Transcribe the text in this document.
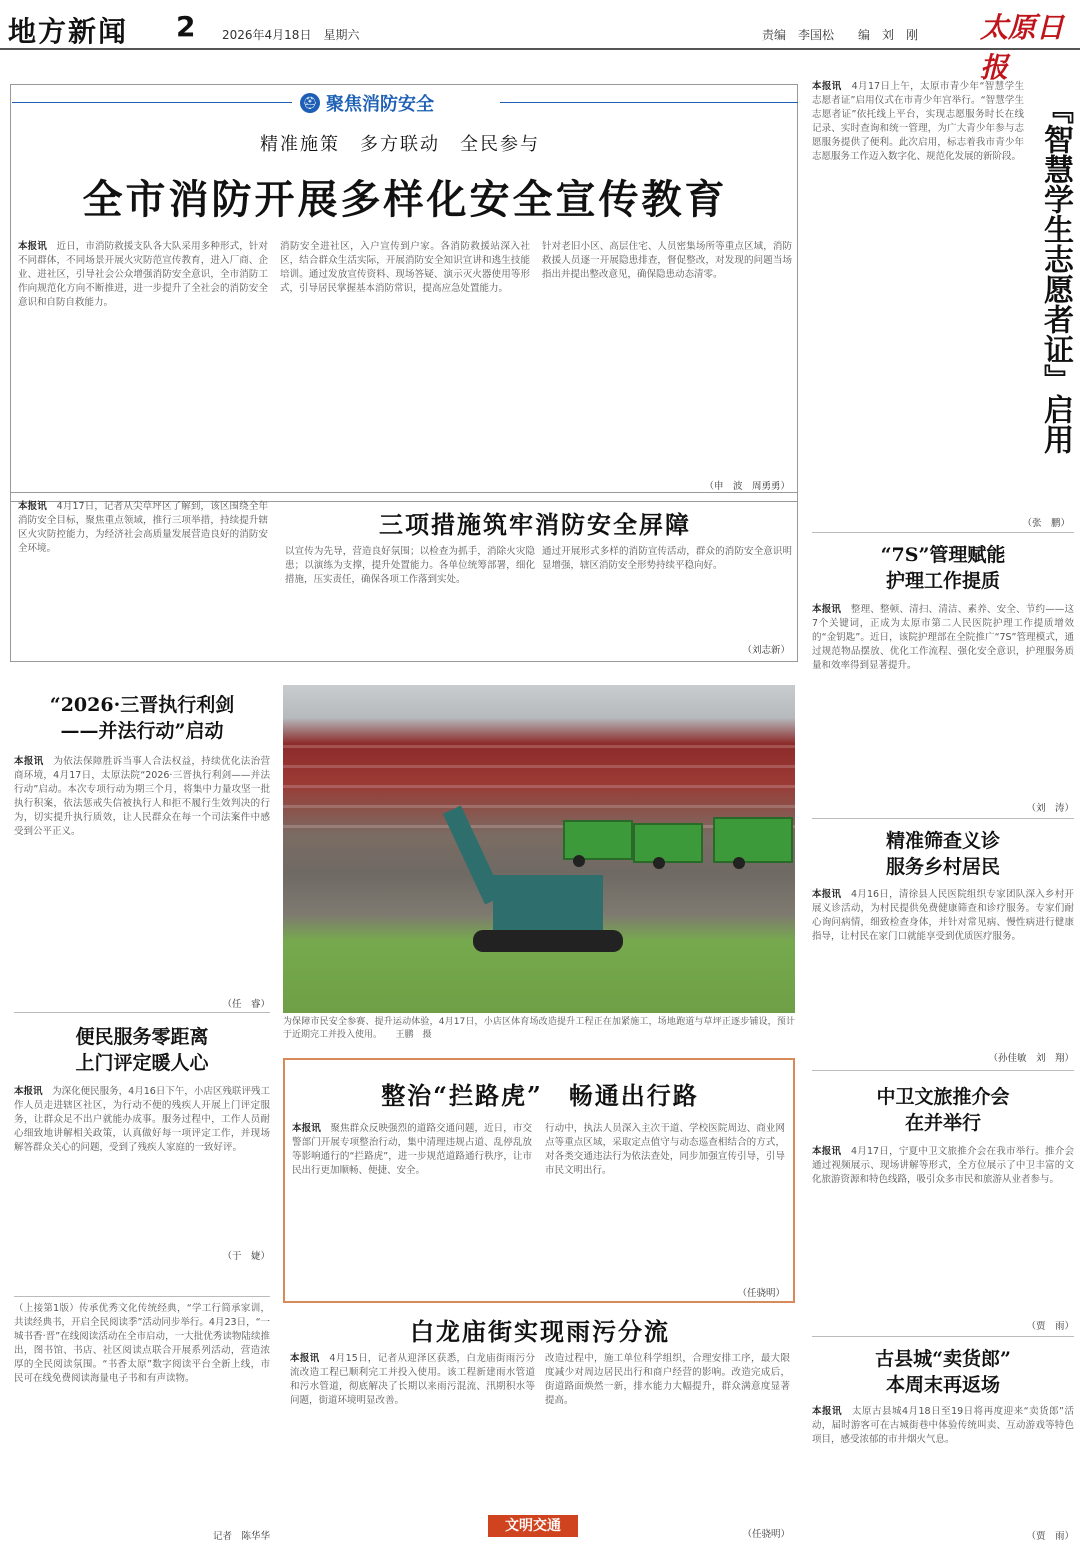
地方新闻 2 2026年4月18日　星期六	责编　李国松　　编　刘　刚 太原日报
⛑ 聚焦消防安全
精准施策　多方联动　全民参与
全市消防开展多样化安全宣传教育
本报讯　 近日，市消防救援支队各大队采用多种形式，针对不同群体，不同场景开展火灾防范宣传教育，进入厂商、企业、进社区，引导社会公众增强消防安全意识，全市消防工作向规范化方向不断推进，进一步提升了全社会的消防安全意识和自防自救能力。
消防安全进社区，入户宣传到户家。各消防救援站深入社区，结合群众生活实际，开展消防安全知识宣讲和逃生技能培训。通过发放宣传资料、现场答疑、演示灭火器使用等形式，引导居民掌握基本消防常识，提高应急处置能力。
针对老旧小区、高层住宅、人员密集场所等重点区域，消防救援人员逐一开展隐患排查，督促整改，对发现的问题当场指出并提出整改意见，确保隐患动态清零。
（申　波　周勇勇）
本报讯　 4月17日，记者从尖草坪区了解到，该区围绕全年消防安全目标，聚焦重点领域，推行三项举措，持续提升辖区火灾防控能力，为经济社会高质量发展营造良好的消防安全环境。
三项措施筑牢消防安全屏障
以宣传为先导，营造良好氛围；以检查为抓手，消除火灾隐患；以演练为支撑，提升处置能力。各单位统筹部署，细化措施，压实责任，确保各项工作落到实处。
通过开展形式多样的消防宣传活动，群众的消防安全意识明显增强，辖区消防安全形势持续平稳向好。
（刘志新）
“2026·三晋执行利剑
——并法行动”启动
本报讯　 为依法保障胜诉当事人合法权益，持续优化法治营商环境，4月17日，太原法院“2026·三晋执行利剑——并法行动”启动。本次专项行动为期三个月，将集中力量攻坚一批执行积案，依法惩戒失信被执行人和拒不履行生效判决的行为，切实提升执行质效，让人民群众在每一个司法案件中感受到公平正义。
（任　睿）
便民服务零距离
上门评定暖人心
本报讯　 为深化便民服务，4月16日下午，小店区残联评残工作人员走进辖区社区，为行动不便的残疾人开展上门评定服务，让群众足不出户就能办成事。服务过程中，工作人员耐心细致地讲解相关政策，认真做好每一项评定工作，并现场解答群众关心的问题，受到了残疾人家庭的一致好评。
（于　婕）
（上接第1版）传承优秀文化传统经典，“学工行简承家训，共读经典书，开启全民阅读季”活动同步举行。4月23日，“一城书香·晋”在线阅读活动在全市启动，一大批优秀读物陆续推出，图书馆、书店、社区阅读点联合开展系列活动，营造浓厚的全民阅读氛围。“书香太原”数字阅读平台全新上线，市民可在线免费阅读海量电子书和有声读物。
记者　陈华华
为保障市民安全参赛、提升运动体验，4月17日，小店区体育场改造提升工程正在加紧施工，场地跑道与草坪正逐步铺设，预计于近期完工并投入使用。　　王鹏　摄
整治“拦路虎”　畅通出行路
本报讯　 聚焦群众反映强烈的道路交通问题，近日，市交警部门开展专项整治行动，集中清理违规占道、乱停乱放等影响通行的“拦路虎”，进一步规范道路通行秩序，让市民出行更加顺畅、便捷、安全。
行动中，执法人员深入主次干道、学校医院周边、商业网点等重点区域，采取定点值守与动态巡查相结合的方式，对各类交通违法行为依法查处，同步加强宣传引导，引导市民文明出行。
（任骁明）
白龙庙街实现雨污分流
本报讯　 4月15日，记者从迎泽区获悉，白龙庙街雨污分流改造工程已顺利完工并投入使用。该工程新建雨水管道和污水管道，彻底解决了长期以来雨污混流、汛期积水等问题，街道环境明显改善。
改造过程中，施工单位科学组织，合理安排工序，最大限度减少对周边居民出行和商户经营的影响。改造完成后，街道路面焕然一新，排水能力大幅提升，群众满意度显著提高。
（任骁明）
文明交通
『智慧学生志愿者证』启用
本报讯　 4月17日上午，太原市青少年“智慧学生志愿者证”启用仪式在市青少年宫举行。“智慧学生志愿者证”依托线上平台，实现志愿服务时长在线记录、实时查询和统一管理，为广大青少年参与志愿服务提供了便利。此次启用，标志着我市青少年志愿服务工作迈入数字化、规范化发展的新阶段。
（张　鹏）
“7S”管理赋能
护理工作提质
本报讯　 整理、整顿、清扫、清洁、素养、安全、节约——这7个关键词，正成为太原市第二人民医院护理工作提质增效的“金钥匙”。近日，该院护理部在全院推广“7S”管理模式，通过规范物品摆放、优化工作流程、强化安全意识，护理服务质量和效率得到显著提升。
（刘　涛）
精准筛查义诊
服务乡村居民
本报讯　 4月16日，清徐县人民医院组织专家团队深入乡村开展义诊活动，为村民提供免费健康筛查和诊疗服务。专家们耐心询问病情，细致检查身体，并针对常见病、慢性病进行健康指导，让村民在家门口就能享受到优质医疗服务。
（孙佳敏　刘　翔）
中卫文旅推介会
在并举行
本报讯　 4月17日，宁夏中卫文旅推介会在我市举行。推介会通过视频展示、现场讲解等形式，全方位展示了中卫丰富的文化旅游资源和特色线路，吸引众多市民和旅游从业者参与。
（贾　雨）
古县城“卖货郎”
本周末再返场
本报讯　 太原古县城4月18日至19日将再度迎来“卖货郎”活动，届时游客可在古城街巷中体验传统叫卖、互动游戏等特色项目，感受浓郁的市井烟火气息。
（贾　雨）
